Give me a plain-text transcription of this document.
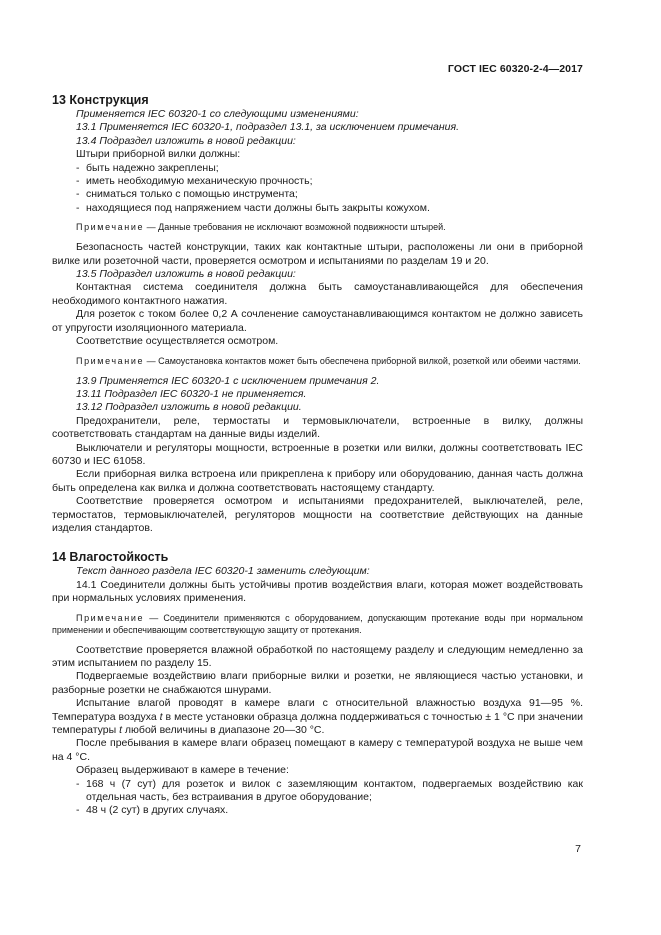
ГОСТ IEC 60320-2-4—2017

13 Конструкция

Применяется IEC 60320-1 со следующими изменениями:

13.1 Применяется IEC 60320-1, подраздел 13.1, за исключением примечания.

13.4 Подраздел изложить в новой редакции:

Штыри приборной вилки должны:

- быть надежно закреплены;
- иметь необходимую механическую прочность;
- сниматься только с помощью инструмента;
- находящиеся под напряжением части должны быть закрыты кожухом.

Примечание — Данные требования не исключают возможной подвижности штырей.

Безопасность частей конструкции, таких как контактные штыри, расположены ли они в приборной вилке или розеточной части, проверяется осмотром и испытаниями по разделам 19 и 20.

13.5 Подраздел изложить в новой редакции:

Контактная система соединителя должна быть самоустанавливающейся для обеспечения необходимого контактного нажатия.

Для розеток с током более 0,2 А сочленение самоустанавливающимся контактом не должно зависеть от упругости изоляционного материала.

Соответствие осуществляется осмотром.

Примечание — Самоустановка контактов может быть обеспечена приборной вилкой, розеткой или обеими частями.

13.9 Применяется IEC 60320-1 с исключением примечания 2.

13.11 Подраздел IEC 60320-1 не применяется.

13.12 Подраздел изложить в новой редакции.

Предохранители, реле, термостаты и термовыключатели, встроенные в вилку, должны соответствовать стандартам на данные виды изделий.

Выключатели и регуляторы мощности, встроенные в розетки или вилки, должны соответствовать IEC 60730 и IEC 61058.

Если приборная вилка встроена или прикреплена к прибору или оборудованию, данная часть должна быть определена как вилка и должна соответствовать настоящему стандарту.

Соответствие проверяется осмотром и испытаниями предохранителей, выключателей, реле, термостатов, термовыключателей, регуляторов мощности на соответствие действующих на данные изделия стандартов.

14 Влагостойкость

Текст данного раздела IEC 60320-1 заменить следующим:

14.1 Соединители должны быть устойчивы против воздействия влаги, которая может воздействовать при нормальных условиях применения.

Примечание — Соединители применяются с оборудованием, допускающим протекание воды при нормальном применении и обеспечивающим соответствующую защиту от протекания.

Соответствие проверяется влажной обработкой по настоящему разделу и следующим немедленно за этим испытанием по разделу 15.

Подвергаемые воздействию влаги приборные вилки и розетки, не являющиеся частью установки, и разборные розетки не снабжаются шнурами.

Испытание влагой проводят в камере влаги с относительной влажностью воздуха 91—95 %. Температура воздуха t в месте установки образца должна поддерживаться с точностью ± 1 °С при значении температуры t любой величины в диапазоне 20—30 °С.

После пребывания в камере влаги образец помещают в камеру с температурой воздуха не выше чем на 4 °С.

Образец выдерживают в камере в течение:

- 168 ч (7 сут) для розеток и вилок с заземляющим контактом, подвергаемых воздействию как отдельная часть, без встраивания в другое оборудование;
- 48 ч (2 сут) в других случаях.
7
